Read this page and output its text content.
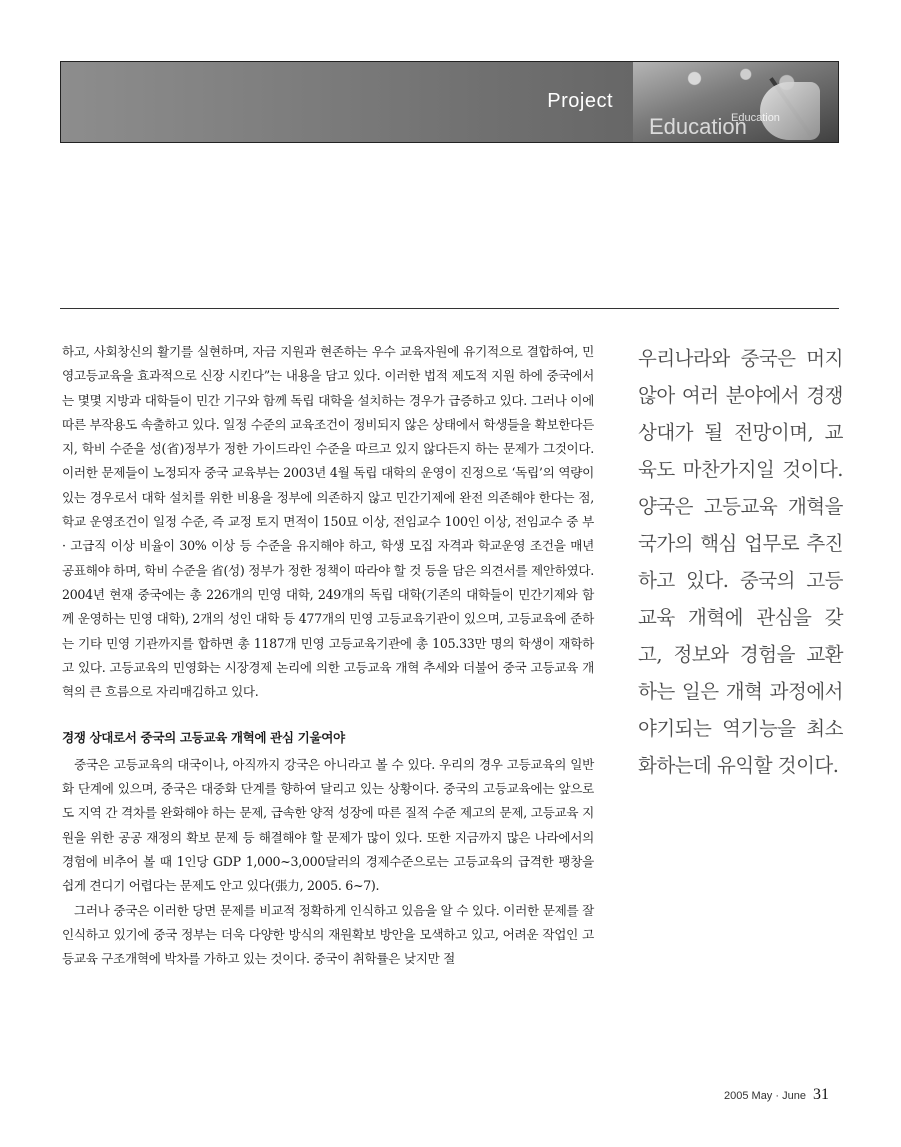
Project
Education
Education

하고, 사회창신의 활기를 실현하며, 자금 지원과 현존하는 우수 교육자원에 유기적으로 결합하여, 민영고등교육을 효과적으로 신장 시킨다”는 내용을 담고 있다. 이러한 법적 제도적 지원 하에 중국에서는 몇몇 지방과 대학들이 민간 기구와 함께 독립 대학을 설치하는 경우가 급증하고 있다. 그러나 이에 따른 부작용도 속출하고 있다. 일정 수준의 교육조건이 정비되지 않은 상태에서 학생들을 확보한다든지, 학비 수준을 성(省)정부가 정한 가이드라인 수준을 따르고 있지 않다든지 하는 문제가 그것이다. 이러한 문제들이 노정되자 중국 교육부는 2003년 4월 독립 대학의 운영이 진정으로 ‘독립’의 역량이 있는 경우로서 대학 설치를 위한 비용을 정부에 의존하지 않고 민간기제에 완전 의존해야 한다는 점, 학교 운영조건이 일정 수준, 즉 교정 토지 면적이 150묘 이상, 전임교수 100인 이상, 전임교수 중 부 · 고급직 이상 비율이 30% 이상 등 수준을 유지해야 하고, 학생 모집 자격과 학교운영 조건을 매년 공표해야 하며, 학비 수준을 省(성) 정부가 정한 정책이 따라야 할 것 등을 담은 의견서를 제안하였다. 2004년 현재 중국에는 총 226개의 민영 대학, 249개의 독립 대학(기존의 대학들이 민간기제와 함께 운영하는 민영 대학), 2개의 성인 대학 등 477개의 민영 고등교육기관이 있으며, 고등교육에 준하는 기타 민영 기관까지를 합하면 총 1187개 민영 고등교육기관에 총 105.33만 명의 학생이 재학하고 있다. 고등교육의 민영화는 시장경제 논리에 의한 고등교육 개혁 추세와 더불어 중국 고등교육 개혁의 큰 흐름으로 자리매김하고 있다.

경쟁 상대로서 중국의 고등교육 개혁에 관심 기울여야

중국은 고등교육의 대국이나, 아직까지 강국은 아니라고 볼 수 있다. 우리의 경우 고등교육의 일반화 단계에 있으며, 중국은 대중화 단계를 향하여 달리고 있는 상황이다. 중국의 고등교육에는 앞으로도 지역 간 격차를 완화해야 하는 문제, 급속한 양적 성장에 따른 질적 수준 제고의 문제, 고등교육 지원을 위한 공공 재정의 확보 문제 등 해결해야 할 문제가 많이 있다. 또한 지금까지 많은 나라에서의 경험에 비추어 볼 때 1인당 GDP 1,000~3,000달러의 경제수준으로는 고등교육의 급격한 팽창을 쉽게 견디기 어렵다는 문제도 안고 있다(張力, 2005. 6~7).

그러나 중국은 이러한 당면 문제를 비교적 정확하게 인식하고 있음을 알 수 있다. 이러한 문제를 잘 인식하고 있기에 중국 정부는 더욱 다양한 방식의 재원확보 방안을 모색하고 있고, 어려운 작업인 고등교육 구조개혁에 박차를 가하고 있는 것이다. 중국이 취학률은 낮지만 절

우리나라와 중국은 머지않아 여러 분야에서 경쟁 상대가 될 전망이며, 교육도 마찬가지일 것이다. 양국은 고등교육 개혁을 국가의 핵심 업무로 추진하고 있다. 중국의 고등교육 개혁에 관심을 갖고, 정보와 경험을 교환하는 일은 개혁 과정에서 야기되는 역기능을 최소화하는데 유익할 것이다.
2005 May · June 31
